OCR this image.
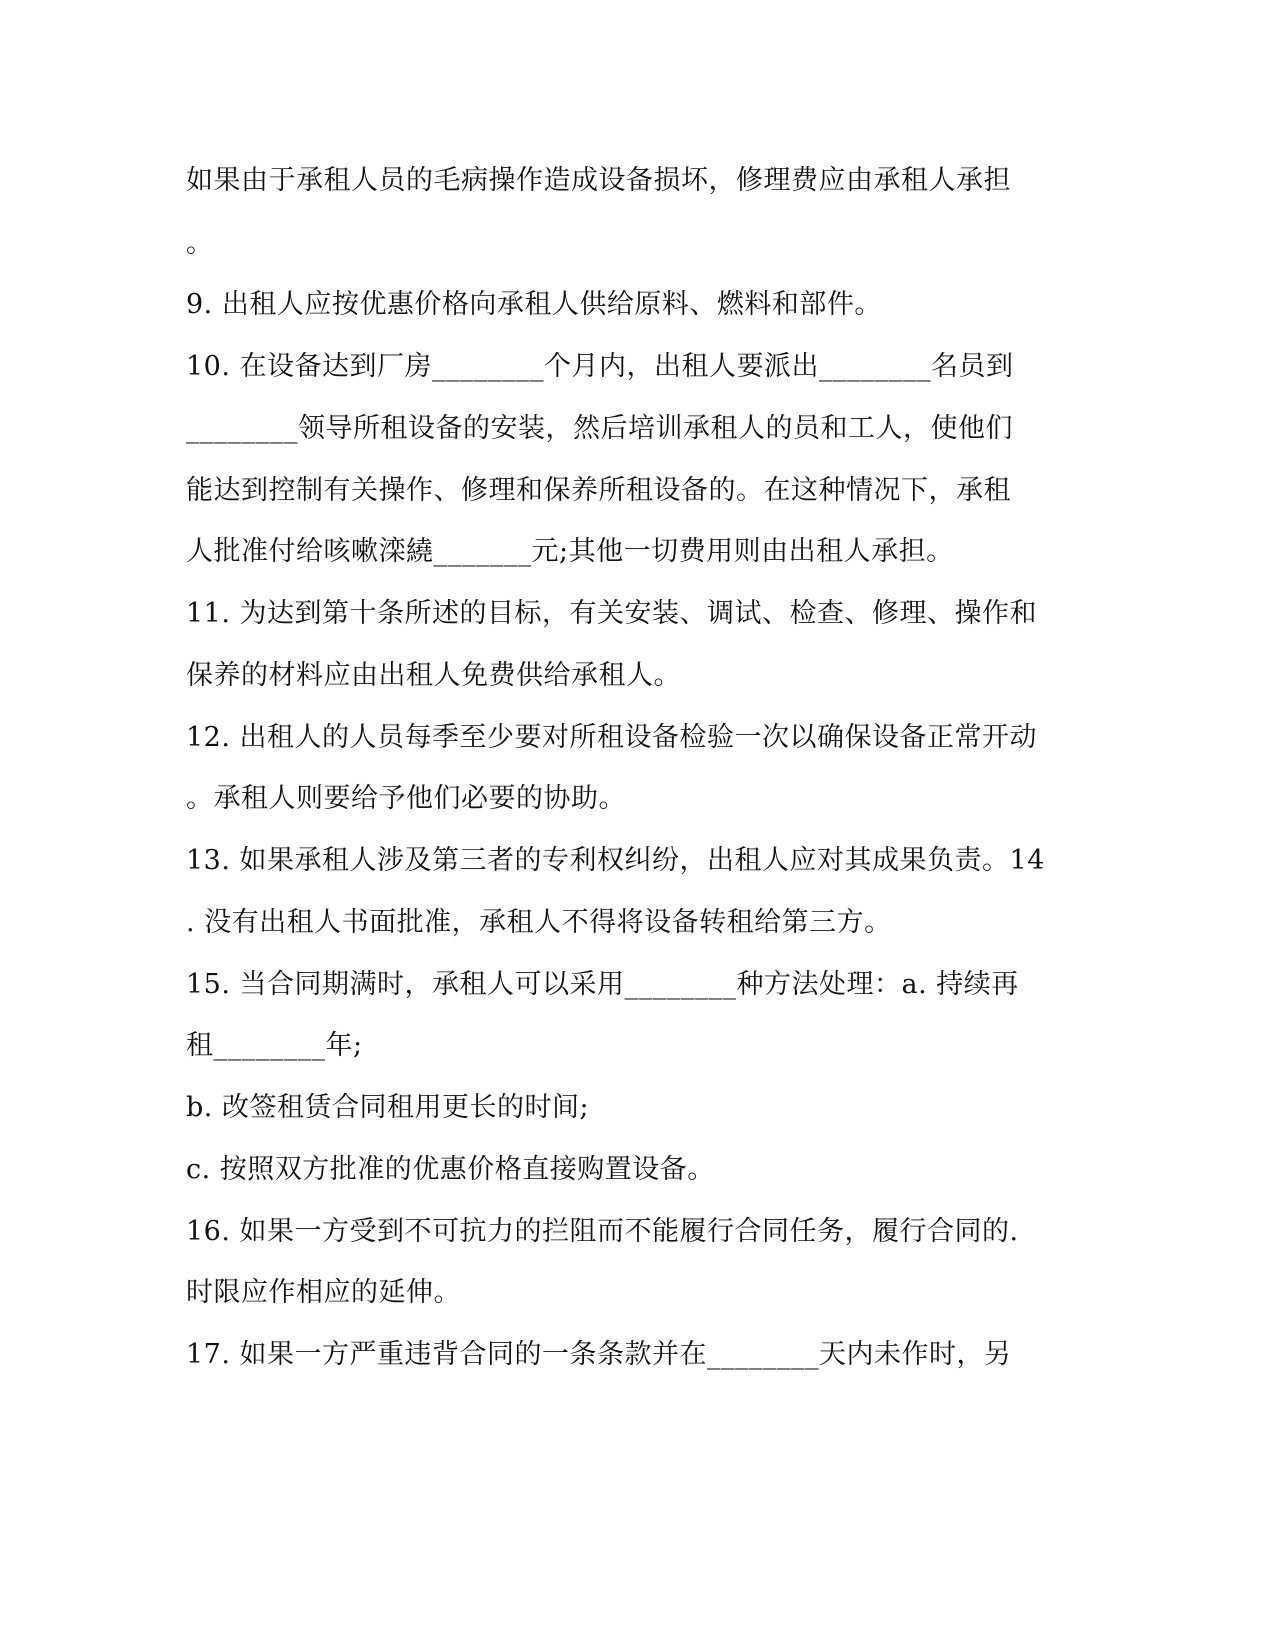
如果由于承租人员的毛病操作造成设备损坏，修理费应由承租人承担
。
9. 出租人应按优惠价格向承租人供给原料、燃料和部件。
10. 在设备达到厂房________个月内，出租人要派出________名员到
________领导所租设备的安装，然后培训承租人的员和工人，使他们
能达到控制有关操作、修理和保养所租设备的。在这种情况下，承租
人批准付给咳嗽滦繞_______元;其他一切费用则由出租人承担。
11. 为达到第十条所述的目标，有关安装、调试、检查、修理、操作和
保养的材料应由出租人免费供给承租人。
12. 出租人的人员每季至少要对所租设备检验一次以确保设备正常开动
。承租人则要给予他们必要的协助。
13. 如果承租人涉及第三者的专利权纠纷，出租人应对其成果负责。14
. 没有出租人书面批准，承租人不得将设备转租给第三方。
15. 当合同期满时，承租人可以采用________种方法处理：a. 持续再
租________年;
b. 改签租赁合同租用更长的时间;
c. 按照双方批准的优惠价格直接购置设备。
16. 如果一方受到不可抗力的拦阻而不能履行合同任务，履行合同的.
时限应作相应的延伸。
17. 如果一方严重违背合同的一条条款并在________天内未作时，另
